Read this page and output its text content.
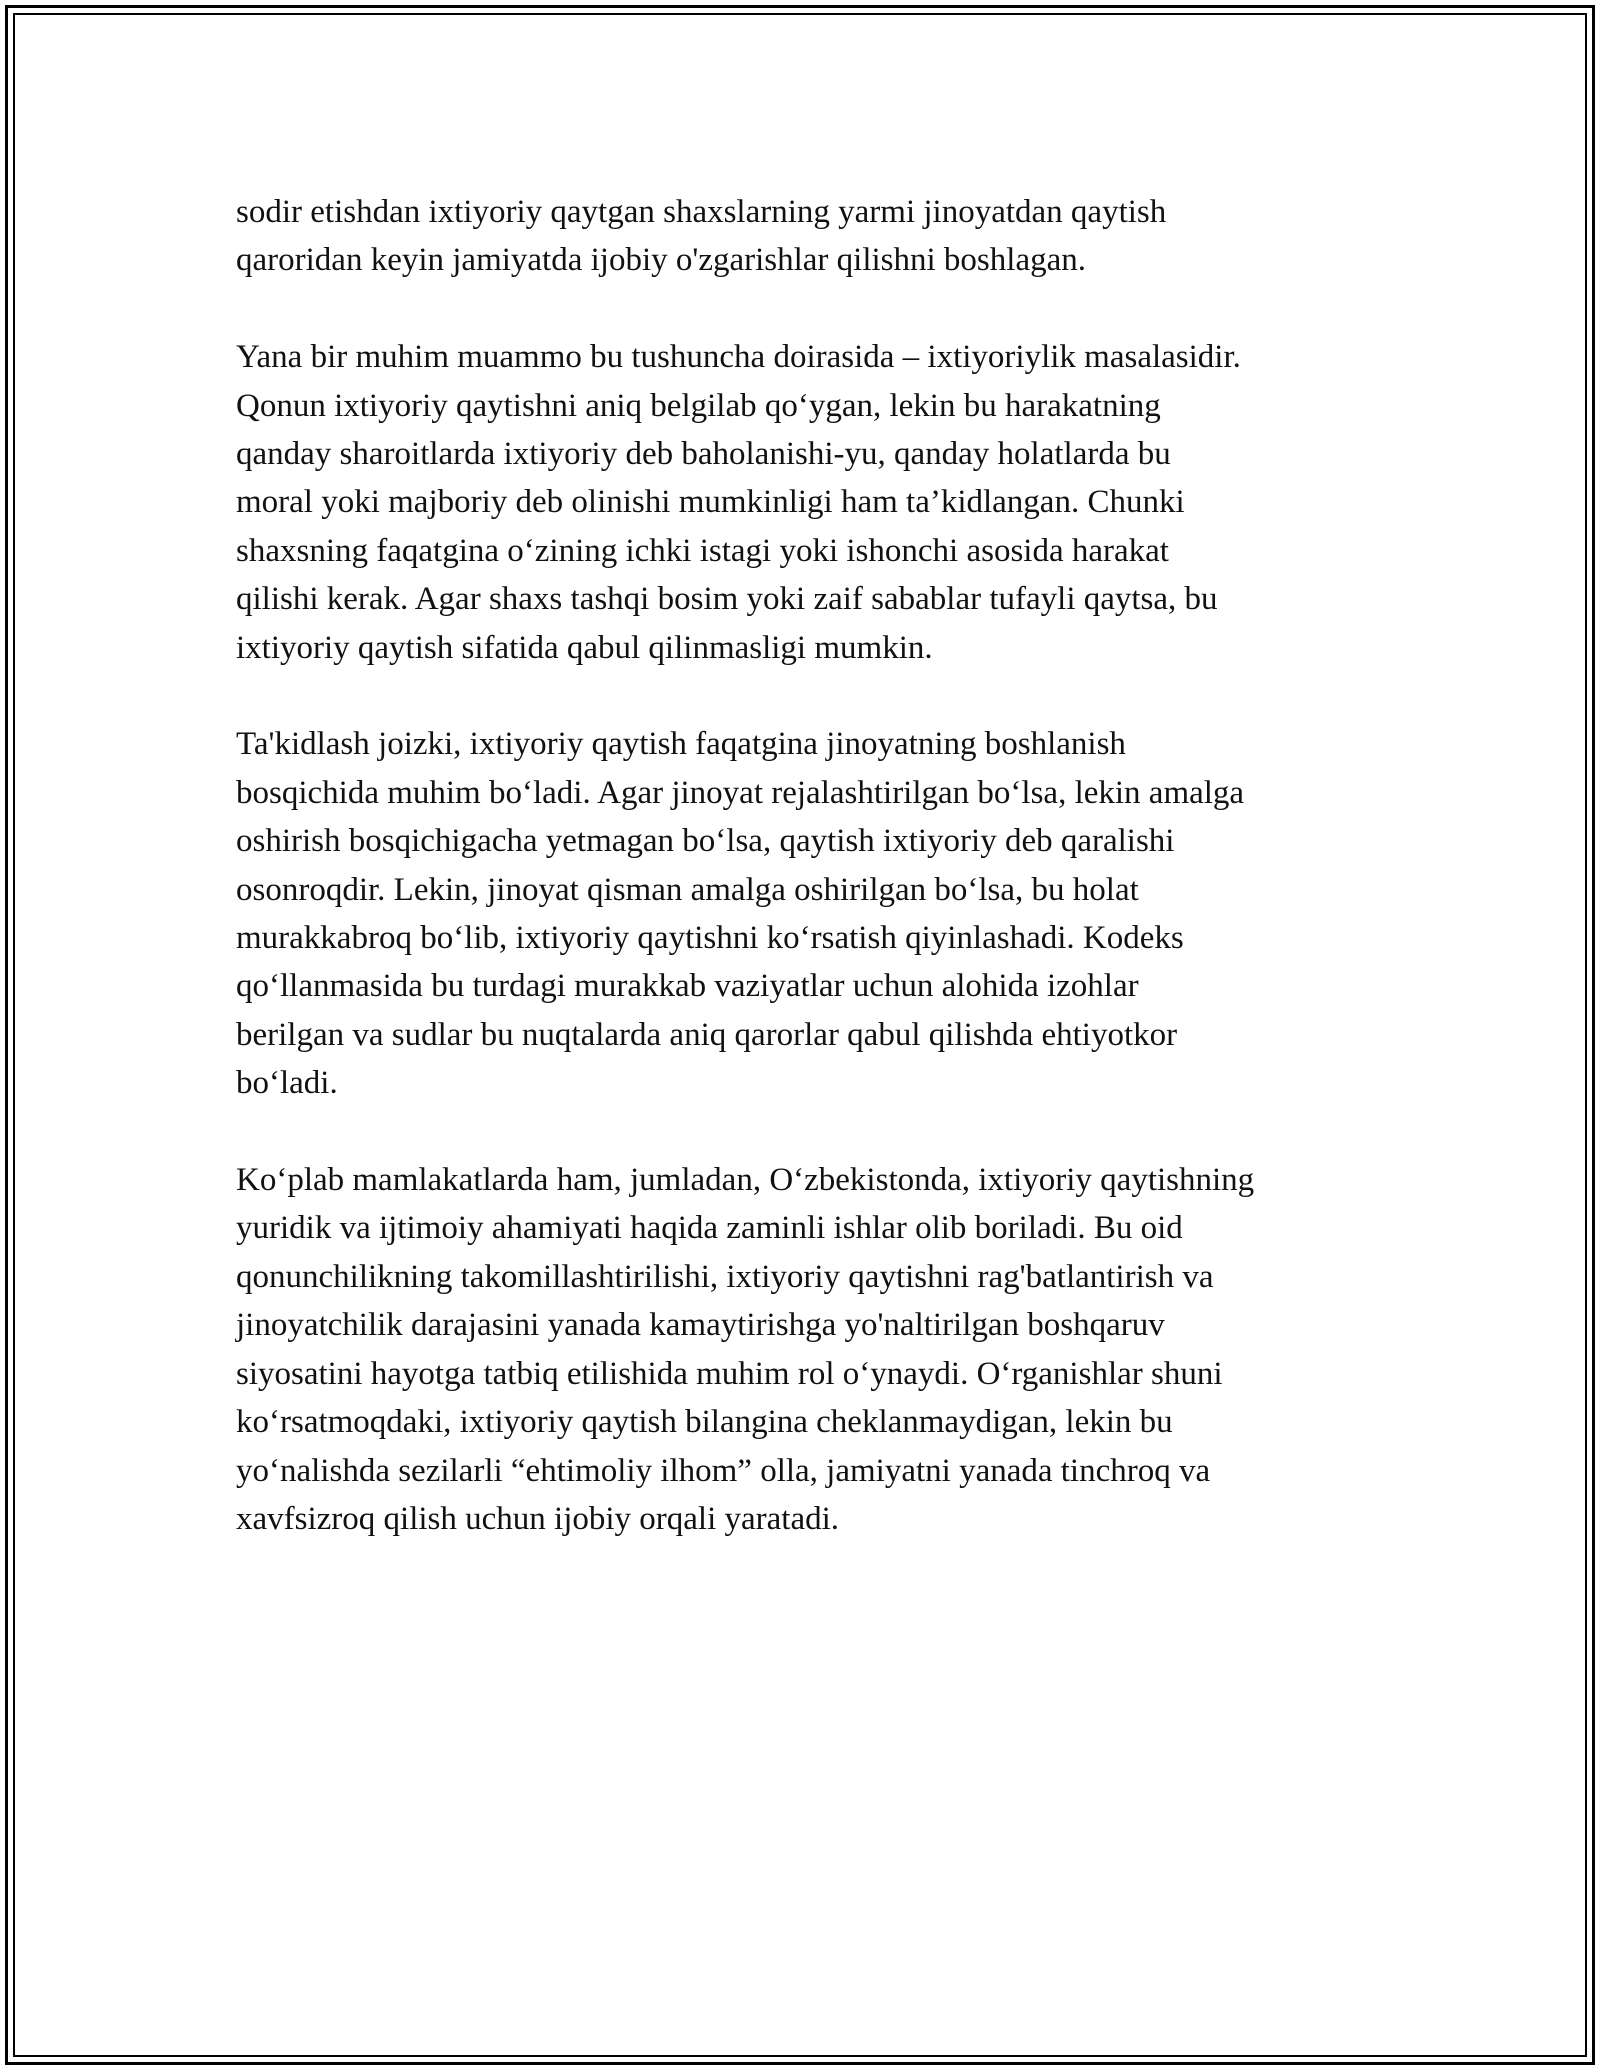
sodir etishdan ixtiyoriy qaytgan shaxslarning yarmi jinoyatdan qaytish
qaroridan keyin jamiyatda ijobiy o'zgarishlar qilishni boshlagan.

Yana bir muhim muammo bu tushuncha doirasida – ixtiyoriylik masalasidir.
Qonun ixtiyoriy qaytishni aniq belgilab qo‘ygan, lekin bu harakatning
qanday sharoitlarda ixtiyoriy deb baholanishi-yu, qanday holatlarda bu
moral yoki majboriy deb olinishi mumkinligi ham ta’kidlangan. Chunki
shaxsning faqatgina o‘zining ichki istagi yoki ishonchi asosida harakat
qilishi kerak. Agar shaxs tashqi bosim yoki zaif sabablar tufayli qaytsa, bu
ixtiyoriy qaytish sifatida qabul qilinmasligi mumkin.

Ta'kidlash joizki, ixtiyoriy qaytish faqatgina jinoyatning boshlanish
bosqichida muhim bo‘ladi. Agar jinoyat rejalashtirilgan bo‘lsa, lekin amalga
oshirish bosqichigacha yetmagan bo‘lsa, qaytish ixtiyoriy deb qaralishi
osonroqdir. Lekin, jinoyat qisman amalga oshirilgan bo‘lsa, bu holat
murakkabroq bo‘lib, ixtiyoriy qaytishni ko‘rsatish qiyinlashadi. Kodeks
qo‘llanmasida bu turdagi murakkab vaziyatlar uchun alohida izohlar
berilgan va sudlar bu nuqtalarda aniq qarorlar qabul qilishda ehtiyotkor
bo‘ladi.

Ko‘plab mamlakatlarda ham, jumladan, O‘zbekistonda, ixtiyoriy qaytishning
yuridik va ijtimoiy ahamiyati haqida zaminli ishlar olib boriladi. Bu oid
qonunchilikning takomillashtirilishi, ixtiyoriy qaytishni rag'batlantirish va
jinoyatchilik darajasini yanada kamaytirishga yo'naltirilgan boshqaruv
siyosatini hayotga tatbiq etilishida muhim rol o‘ynaydi. O‘rganishlar shuni
ko‘rsatmoqdaki, ixtiyoriy qaytish bilangina cheklanmaydigan, lekin bu
yo‘nalishda sezilarli “ehtimoliy ilhom” olla, jamiyatni yanada tinchroq va
xavfsizroq qilish uchun ijobiy orqali yaratadi.
